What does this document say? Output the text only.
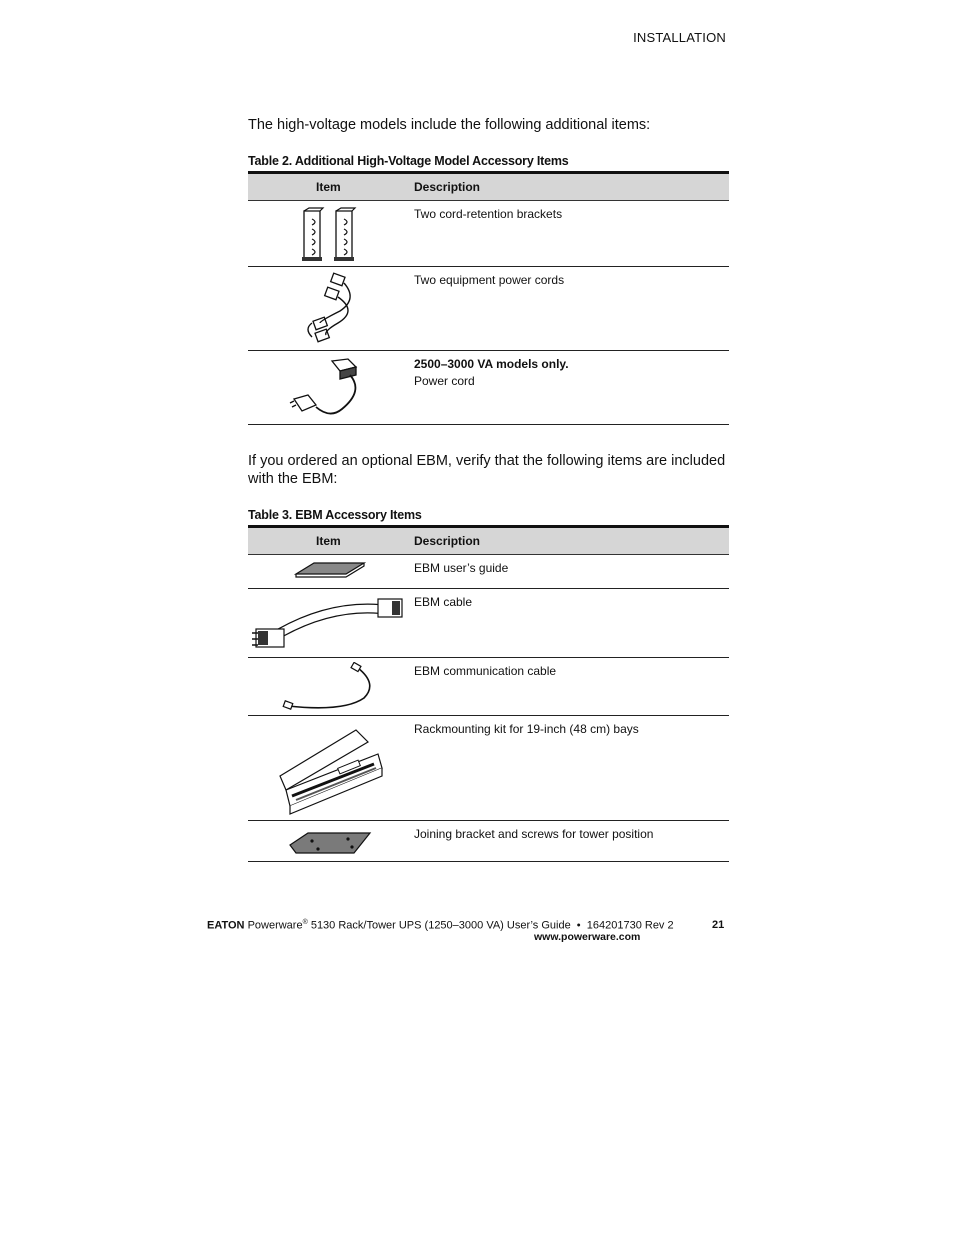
INSTALLATION
The high-voltage models include the following additional items:
Table 2. Additional High-Voltage Model Accessory Items
Item	Description
Two cord-retention brackets
Two equipment power cords
2500–3000 VA models only.
Power cord
If you ordered an optional EBM, verify that the following items are included with the EBM:
Table 3. EBM Accessory Items
Item	Description
EBM user’s guide
EBM cable
EBM communication cable
Rackmounting kit for 19-inch (48 cm) bays
Joining bracket and screws for tower position
EATON Powerware® 5130 Rack/Tower UPS (1250–3000 VA) User’s Guide  •  164201730 Rev 2
www.powerware.com
21
